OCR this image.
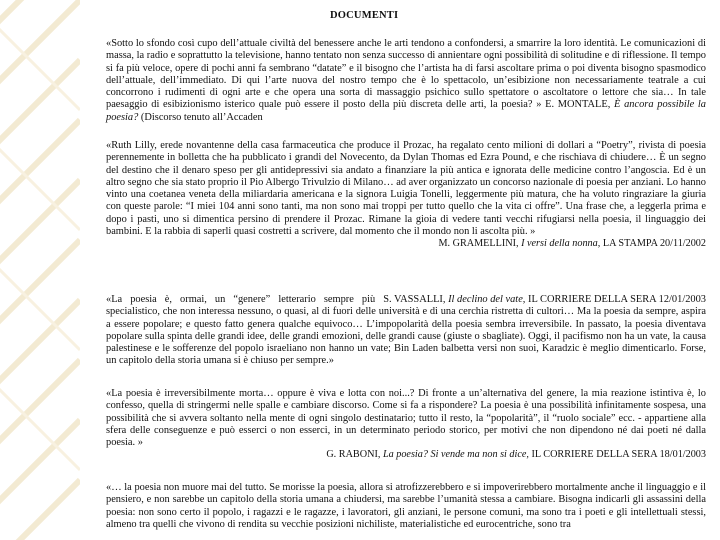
DOCUMENTI

«Sotto lo sfondo così cupo dell’attuale civiltà del benessere anche le arti tendono a confondersi, a smarrire la loro identità. Le comunicazioni di massa, la radio e soprattutto la televisione, hanno tentato non senza successo di annientare ogni possibilità di solitudine e di riflessione. Il tempo si fa più veloce, opere di pochi anni fa sembrano “datate” e il bisogno che l’artista ha di farsi ascoltare prima o poi diventa bisogno spasmodico dell’attuale, dell’immediato. Di qui l’arte nuova del nostro tempo che è lo spettacolo, un’esibizione non necessariamente teatrale a cui concorrono i rudimenti di ogni arte e che opera una sorta di massaggio psichico sullo spettatore o ascoltatore o lettore che sia… In tale paesaggio di esibizionismo isterico quale può essere il posto della più discreta delle arti, la poesia? » E. MONTALE, È ancora possibile la poesia? (Discorso tenuto all’Accaden

«Ruth Lilly, erede novantenne della casa farmaceutica che produce il Prozac, ha regalato cento milioni di dollari a “Poetry”, rivista di poesia perennemente in bolletta che ha pubblicato i grandi del Novecento, da Dylan Thomas ed Ezra Pound, e che rischiava di chiudere… È un segno del destino che il denaro speso per gli antidepressivi sia andato a finanziare la più antica e ignorata delle medicine contro l’angoscia. Ed è un altro segno che sia stato proprio il Pio Albergo Trivulzio di Milano… ad aver organizzato un concorso nazionale di poesia per anziani. Lo hanno vinto una coetanea veneta della miliardaria americana e la signora Luigia Tonelli, leggermente più matura, che ha voluto ringraziare la giuria con queste parole: “I miei 104 anni sono tanti, ma non sono mai troppi per tutto quello che la vita ci offre”. Una frase che, a leggerla prima e dopo i pasti, uno si dimentica persino di prendere il Prozac. Rimane la gioia di vedere tanti vecchi rifugiarsi nella poesia, il linguaggio dei bambini. E la rabbia di saperli quasi costretti a scrivere, dal momento che il mondo non li ascolta più. »

M. GRAMELLINI, I versi della nonna, LA STAMPA 20/11/2002

S. VASSALLI, Il declino del vate, IL CORRIERE DELLA SERA 12/01/2003
«La poesia è, ormai, un “genere” letterario sempre più specialistico, che non interessa nessuno, o quasi, al di fuori delle università e di una cerchia ristretta di cultori… Ma la poesia da sempre, aspira a essere popolare; e questo fatto genera qualche equivoco… L’impopolarità della poesia sembra irreversibile. In passato, la poesia diventava popolare sulla spinta delle grandi idee, delle grandi emozioni, delle grandi cause (giuste o sbagliate). Oggi, il pacifismo non ha un vate, la causa palestinese e le sofferenze del popolo israeliano non hanno un vate; Bin Laden balbetta versi non suoi, Karadzic è meglio dimenticarlo. Forse, un capitolo della storia umana si è chiuso per sempre.»

«La poesia è irreversibilmente morta… oppure è viva e lotta con noi...? Di fronte a un’alternativa del genere, la mia reazione istintiva è, lo confesso, quella di stringermi nelle spalle e cambiare discorso. Come si fa a rispondere? La poesia è una possibilità infinitamente sospesa, una possibilità che si avvera soltanto nella mente di ogni singolo destinatario; tutto il resto, la “popolarità”, il “ruolo sociale” ecc. - appartiene alla sfera delle conseguenze e può esserci o non esserci, in un determinato periodo storico, per motivi che non dipendono né dai poeti né dalla poesia. »

G. RABONI, La poesia? Si vende ma non si dice, IL CORRIERE DELLA SERA 18/01/2003

«… la poesia non muore mai del tutto. Se morisse la poesia, allora si atrofizzerebbero e si impoverirebbero mortalmente anche il linguaggio e il pensiero, e non sarebbe un capitolo della storia umana a chiudersi, ma sarebbe l’umanità stessa a cambiare. Bisogna indicarli gli assassini della poesia: non sono certo il popolo, i ragazzi e le ragazze, i lavoratori, gli anziani, le persone comuni, ma sono tra i poeti e gli intellettuali stessi, almeno tra quelli che vivono di rendita su vecchie posizioni nichiliste, materialistiche ed eurocentriche, sono tra
